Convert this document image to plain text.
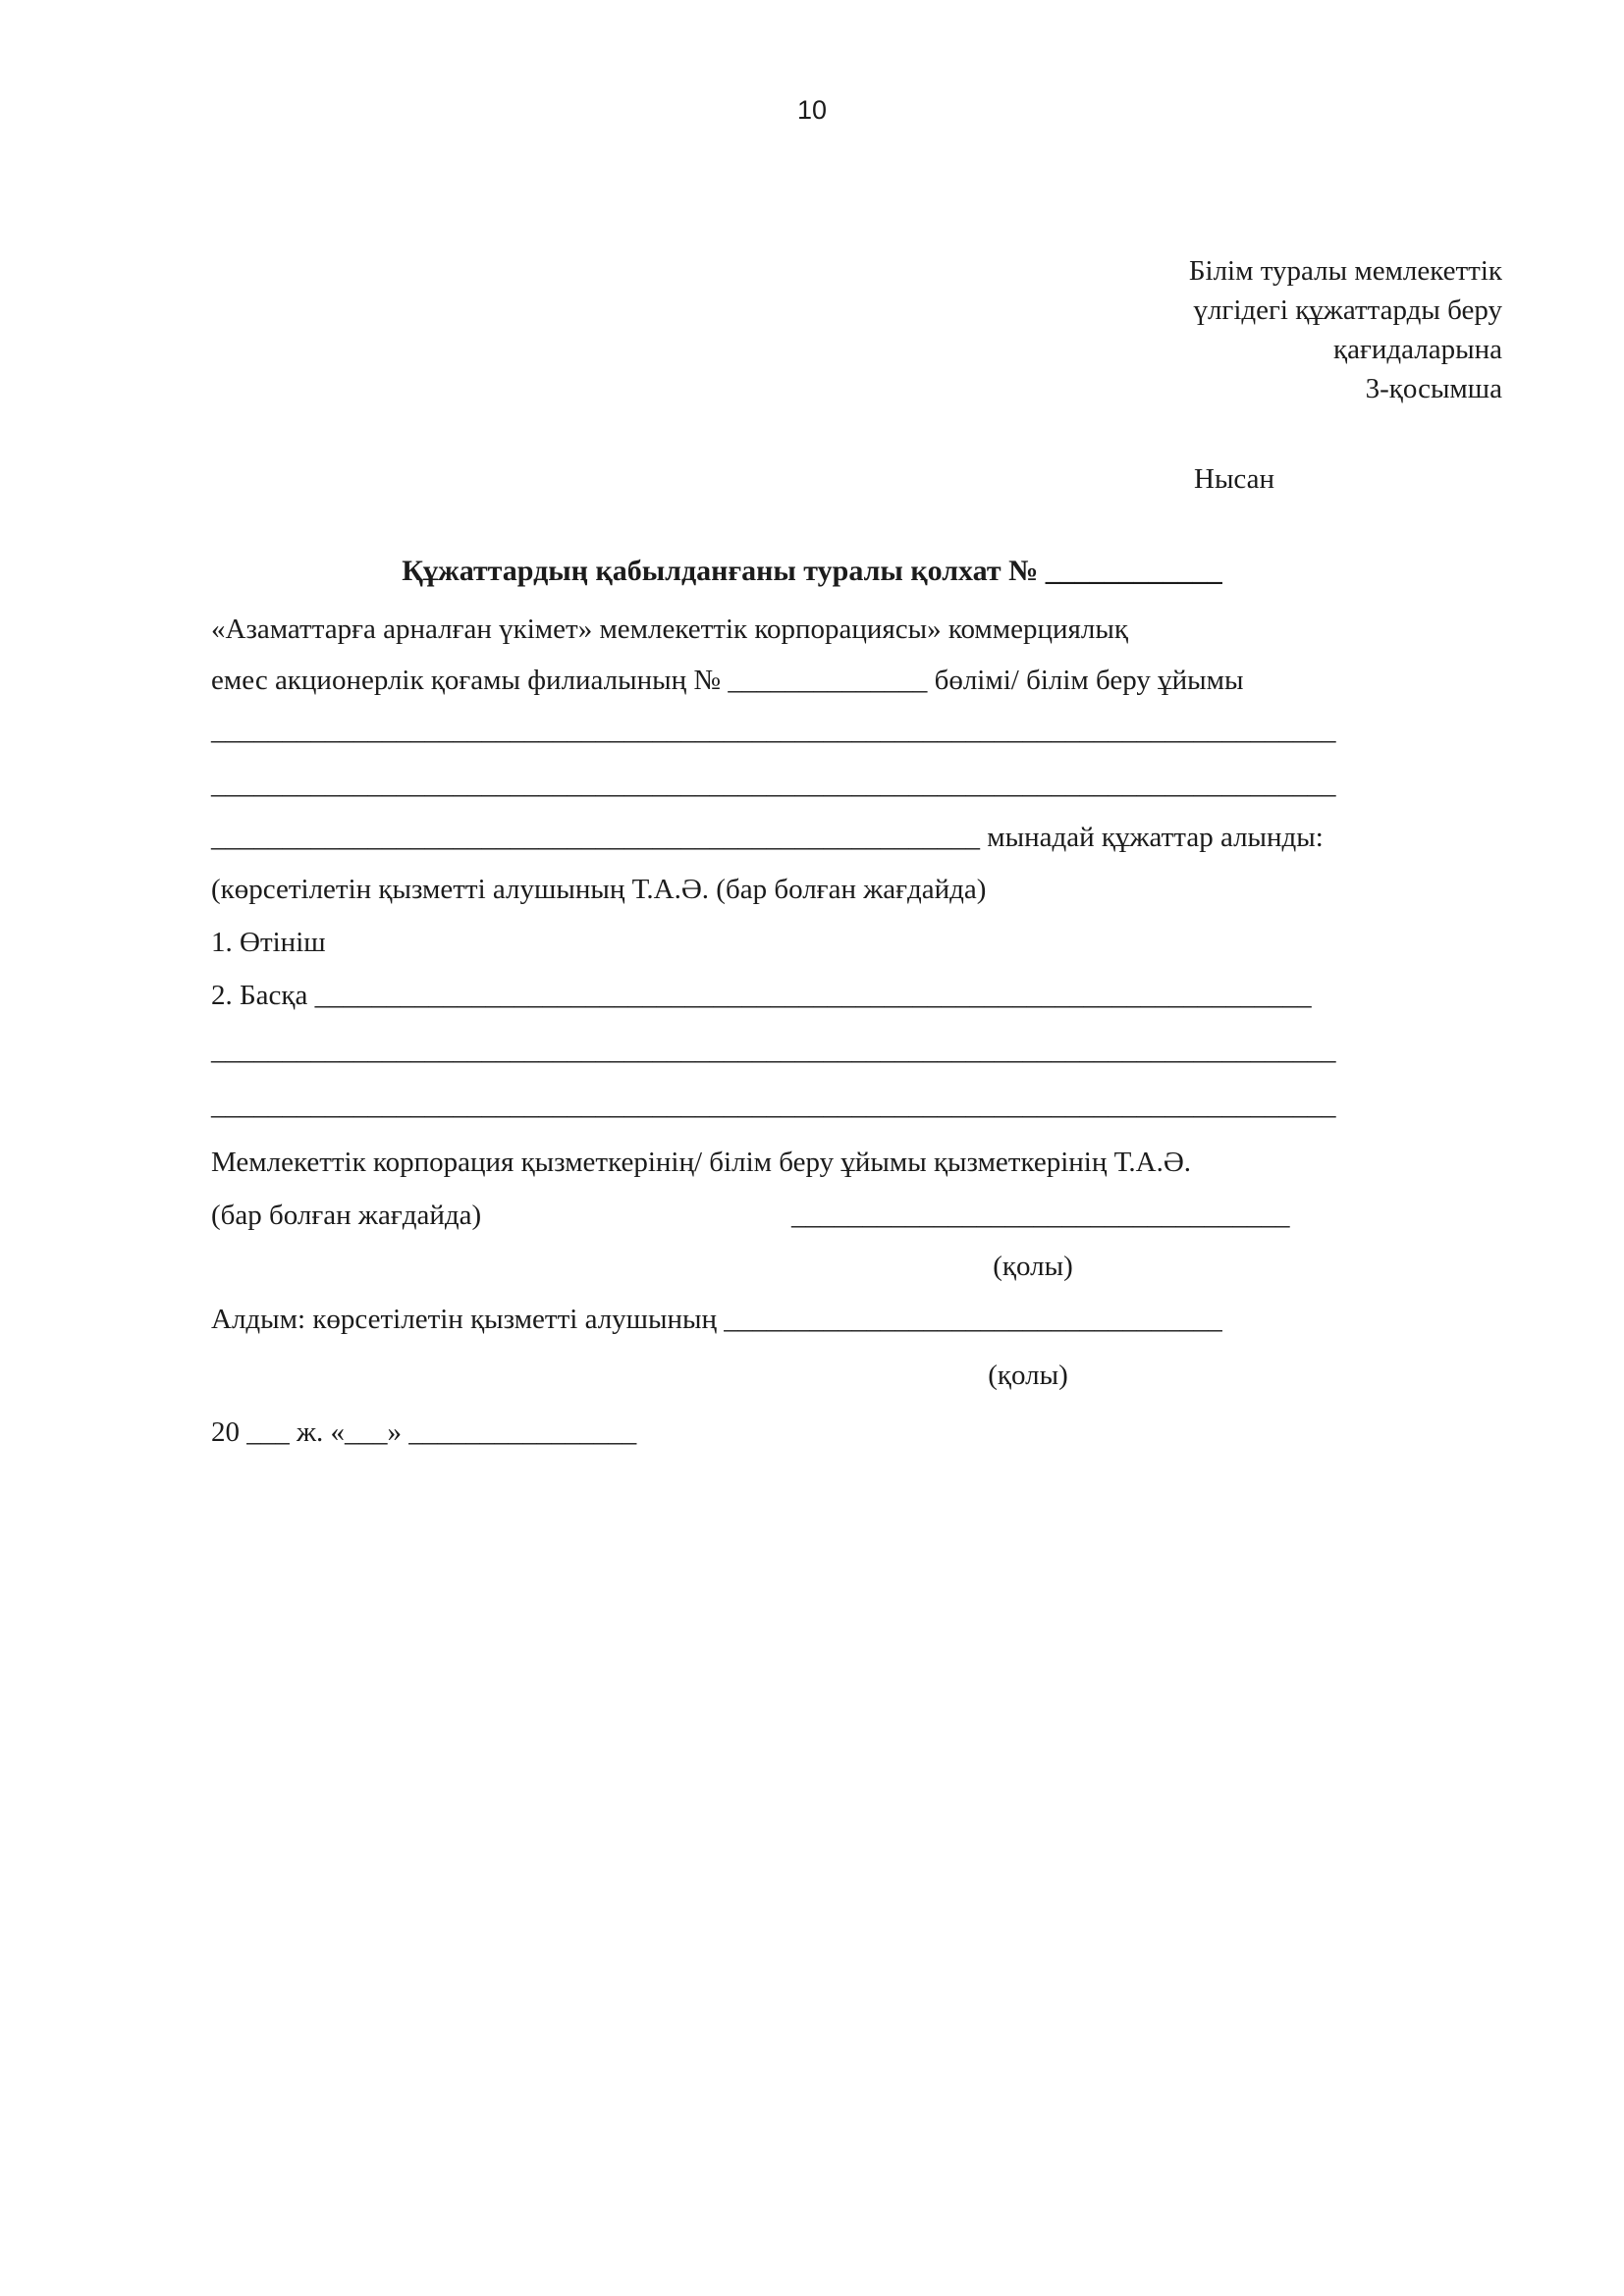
10
Білім туралы мемлекеттік
үлгідегі құжаттарды беру
қағидаларына
3-қосымша
Нысан
Құжаттардың қабылданғаны туралы қолхат № ____________
«Азаматтарға арналған үкімет» мемлекеттік корпорациясы» коммерциялық
емес акционерлік қоғамы филиалының № ______________ бөлімі/ білім беру ұйымы
_______________________________________________________________________________
_______________________________________________________________________________
______________________________________________________ мынадай құжаттар алынды:
(көрсетілетін қызметті алушының Т.А.Ә. (бар болған жағдайда)
1. Өтініш
2. Басқа ______________________________________________________________________
_______________________________________________________________________________
_______________________________________________________________________________
Мемлекеттік корпорация қызметкерінің/ білім беру ұйымы қызметкерінің Т.А.Ә.
(бар болған жағдайда)	___________________________________
(қолы)
Алдым: көрсетілетін қызметті алушының ___________________________________
(қолы)
20 ___ ж. «___» ________________
